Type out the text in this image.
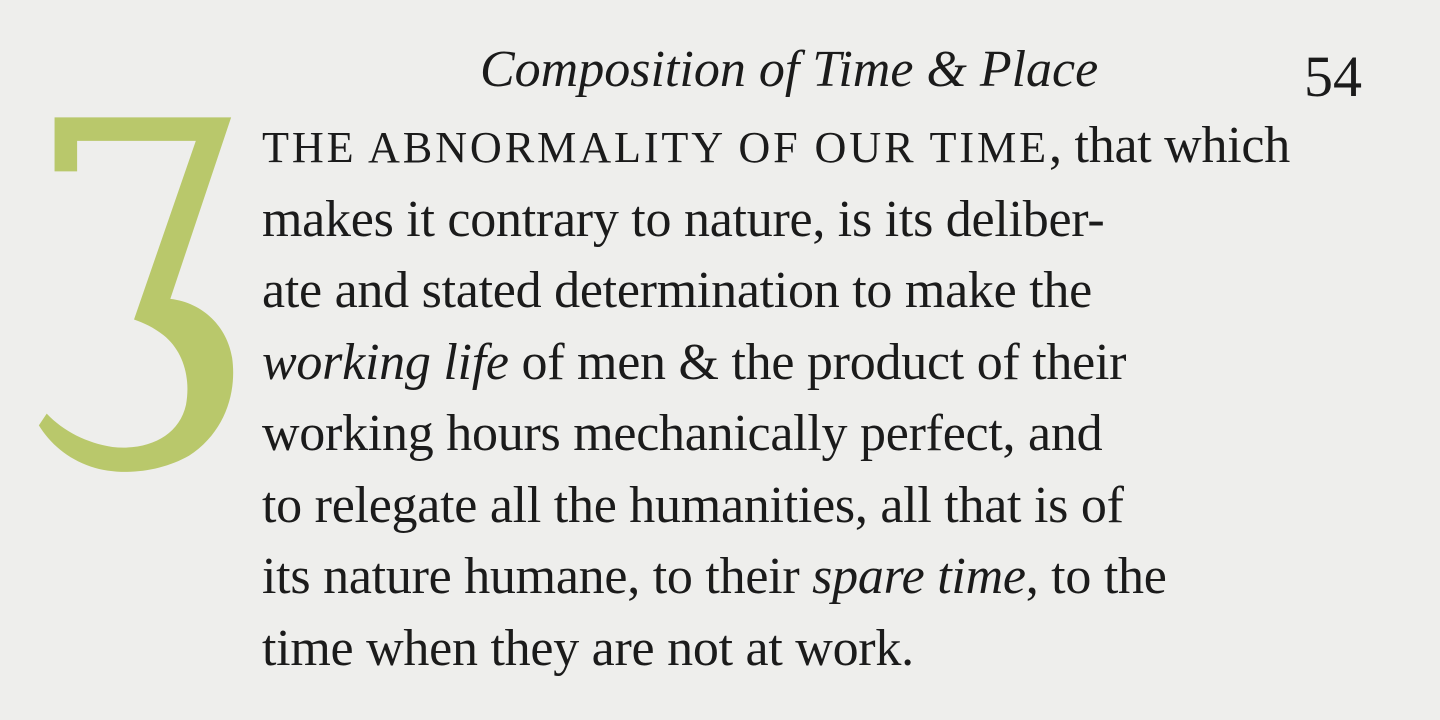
Composition of Time & Place	54
THE ABNORMALITY OF OUR TIME, that which
makes it contrary to nature, is its deliber-
ate and stated determination to make the
working life of men & the product of their
working hours mechanically perfect, and
to relegate all the humanities, all that is of
its nature humane, to their spare time, to the
time when they are not at work.
